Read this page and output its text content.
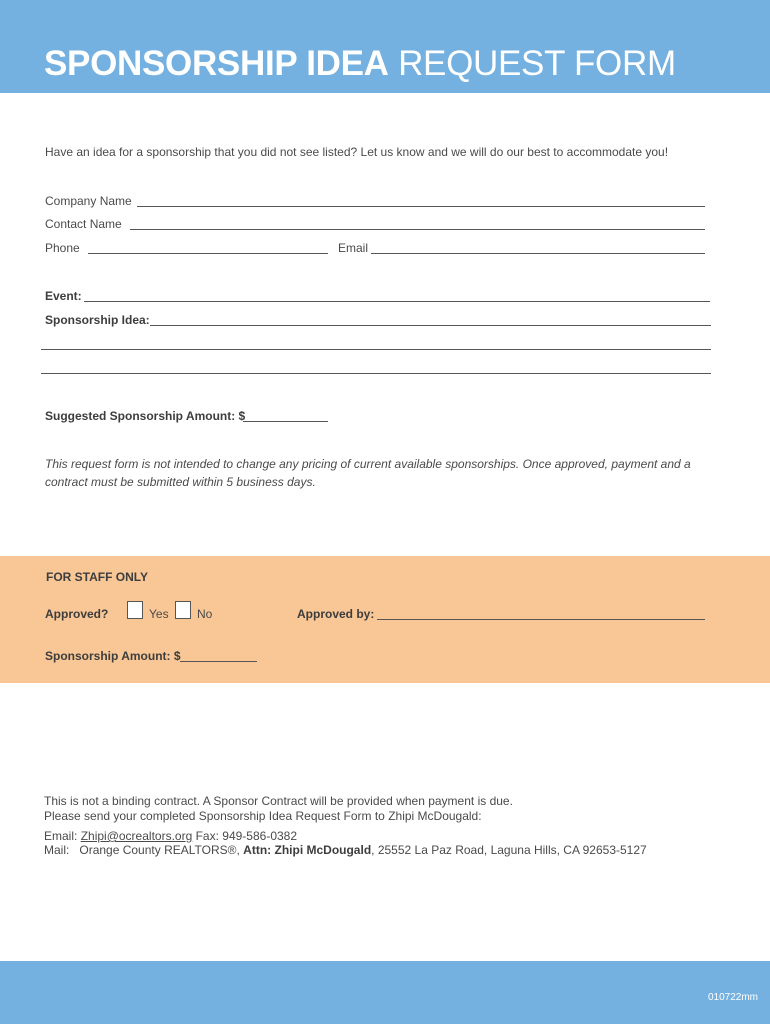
SPONSORSHIP IDEA REQUEST FORM
Have an idea for a sponsorship that you did not see listed? Let us know and we will do our best to accommodate you!
Company Name
Contact Name
Phone	Email
Event:
Sponsorship Idea:
Suggested Sponsorship Amount: $
This request form is not intended to change any pricing of current available sponsorships. Once approved, payment and a
contract must be submitted within 5 business days.
FOR STAFF ONLY
Approved?	Yes No	Approved by:
Sponsorship Amount: $
This is not a binding contract. A Sponsor Contract will be provided when payment is due.
Please send your completed Sponsorship Idea Request Form to Zhipi McDougald:
Email: Zhipi@ocrealtors.org Fax: 949-586-0382
Mail: Orange County REALTORS®, Attn: Zhipi McDougald, 25552 La Paz Road, Laguna Hills, CA 92653-5127
010722mm
